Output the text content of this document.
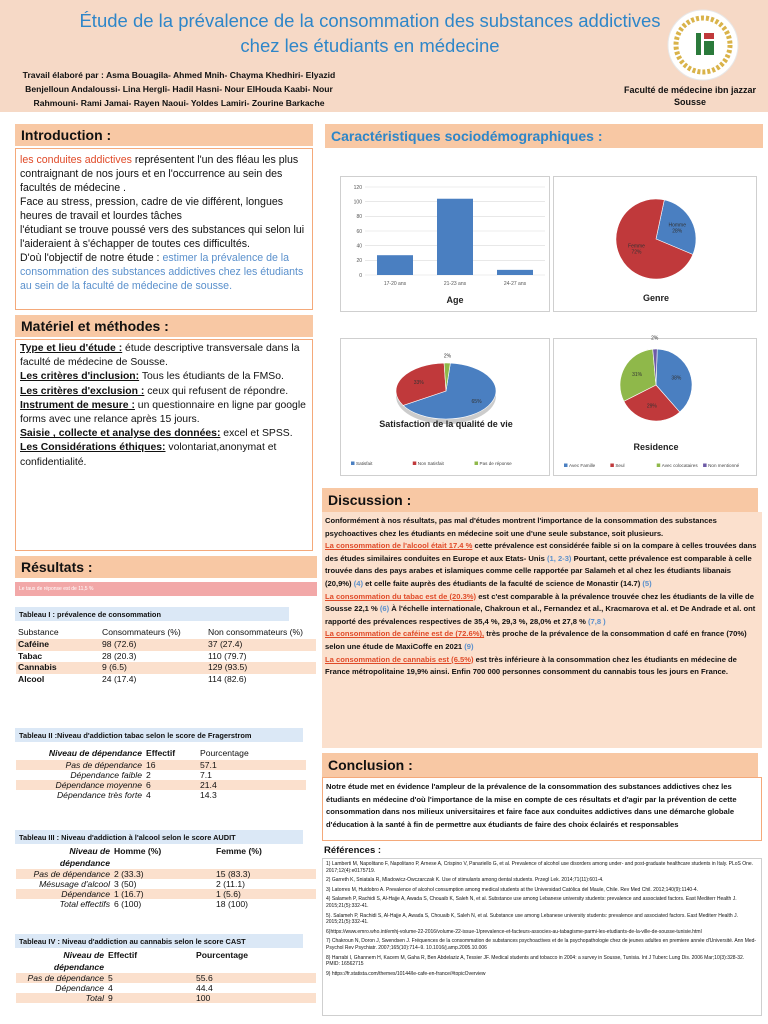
Étude de la prévalence de la consommation des substances addictives chez les étudiants en médecine
Travail élaboré par : Asma Bouagila- Ahmed Mnih- Chayma Khedhiri- Elyazid Benjelloun Andaloussi- Lina Hergli- Hadil Hasni- Nour ElHouda Kaabi- Nour Rahmouni- Rami Jamai- Rayen Naoui- Yoldes Lamiri- Zourine Barkache
Faculté de médecine ibn jazzar Sousse
Introduction :
les conduites addictives représentent l'un des fléau les plus contraignant de nos jours et en l'occurrence au sein des facultés de médecine .
Face au stress, pression, cadre de vie différent, longues heures de travail et lourdes tâches
l'étudiant se trouve poussé vers des substances qui selon lui l'aideraient à s'échapper de toutes ces difficultés.
D'où l'objectif de notre étude : estimer la prévalence de la consommation des substances addictives chez les étudiants au sein de la faculté de médecine de sousse.
Matériel et méthodes :

Type et lieu d'étude : étude descriptive transversale dans la faculté de médecine de Sousse.

Les critères d'inclusion: Tous les étudiants de la FMSo.

Les critères d'exclusion : ceux qui refusent de répondre.

Instrument de mesure : un questionnaire en ligne par google forms avec une relance après 15 jours.

Saisie , collecte et analyse des données: excel et SPSS.

Les Considérations éthiques: volontariat,anonymat et confidentialité.

Résultats :
Le taux de réponse est de 11,5 %
Tableau I : prévalence de consommation
Substance	Consommateurs (%)	Non consommateurs (%)
Caféine	98 (72.6)	37 (27.4)
Tabac	28 (20.3)	110 (79.7)
Cannabis	9 (6.5)	129 (93.5)
Alcool	24 (17.4)	114 (82.6)
Tableau II :Niveau d'addiction tabac selon le score de Fragerstrom
Niveau de dépendance	Effectif	Pourcentage
Pas de dépendance	16	57.1
Dépendance faible	2	7.1
Dépendance moyenne	6	21.4
Dépendance très forte	4	14.3
Tableau III : Niveau d'addiction à l'alcool selon le score AUDIT
Niveau de dépendance	Homme (%)	Femme (%)
Pas de dépendance	2 (33.3)	15 (83.3)
Mésusage d'alcool	3 (50)	2 (11.1)
Dépendance	1 (16.7)	1 (5.6)
Total effectifs	6 (100)	18 (100)
Tableau IV : Niveau d'addiction au cannabis selon le score CAST
Niveau de dépendance	Effectif	Pourcentage
Pas de dépendance	5	55.6
Dépendance	4	44.4
Total	9	100
Caractéristiques sociodémographiques :
0
20
40
60
80
100
120
17-20 ans	21-23 ans	24-27 ans
Age
Homme
28%
Femme
72%
Genre
65%
33%
2%
Satisfaction de la qualité de vie
Satisfait	Non Satisfait	Pas de réponse
38%
29%
31%
2%
Residence
Avec Famille	Seul	Avec colocataires Non mentionné
Discussion :
Conformément à nos résultats, pas mal d'études montrent l'importance de la consommation des substances psychoactives chez les étudiants en médecine soit une d'une seule substance, soit plusieurs.
La consommation de l'alcool était 17.4 % cette prévalence est considérée faible si on la compare à celles trouvées dans des études similaires conduites en Europe et aux Etats- Unis (1, 2-3) Pourtant, cette prévalence est comparable à celle trouvée dans des pays arabes et islamiques comme celle rapportée par Salameh et al chez les étudiants libanais (20,9%) (4) et celle faite auprès des étudiants de la faculté de science de Monastir (14.7) (5)
La consommation du tabac est de (20.3%) est c'est comparable à la prévalence trouvée chez les étudiants de la ville de Sousse 22,1 % (6) À l'échelle internationale, Chakroun et al., Fernandez et al., Kracmarova et al. et De Andrade et al. ont rapporté des prévalences respectives de 35,4 %, 29,3 %, 28,0% et 27,8 % (7,8 )
La consommation de caféine est de (72.6%), très proche de la prévalence de la consommation d café en france (70%) selon une étude de MaxiCoffe en 2021 (9)
La consommation de cannabis est (6.5%) est très inférieure à la consommation chez les étudiants en médecine de France métropolitaine 19,9% ainsi. Enfin 700 000 personnes consomment du cannabis tous les jours en France.
Conclusion :
Notre étude met en évidence l'ampleur de la prévalence de la consommation des substances addictives chez les étudiants en médecine d'où l'importance de la mise en compte de ces résultats et d'agir par la prévention de cette consommation dans nos milieux universitaires et faire face aux conduites addictives dans une démarche globale d'éducation à la santé à fin de permettre aux étudiants de faire des choix éclairés et responsables
Références :

1) Lamberti M, Napolitano F, Napolitano P, Arnese A, Crispino V, Panariello G, et al. Prevalence of alcohol use disorders among under- and post-graduate healthcare students in Italy. PLoS One. 2017;12(4):e0175719.

2) Garreth K, Sniatala R, Mladowicz-Owczarczak K. Use of stimulants among dental students. Przegl Lek. 2014;71(11):601-4.

3) Latorres M, Huidobro A. Prevalence of alcohol consumption among medical students at the Universidad Católica del Maule, Chile. Rev Med Chil. 2012;140(9):1140-4.

4) Salameh P, Rachidi S, Al-Hajje A, Awada S, Chouaib K, Saleh N, et al. Substance use among Lebanese university students: prevalence and associated factors. East Mediterr Health J. 2015;21(5):332-41.

5). Salameh P, Rachidi S, Al-Hajje A, Awada S, Chouaib K, Saleh N, et al. Substance use among Lebanese university students: prevalence and associated factors. East Mediterr Health J. 2015;21(5):332-41.

6)https://www.emro.who.int/emhj-volume-22-2016/volume-22-issue-1/prevalence-et-facteurs-associes-au-tabagisme-parmi-les-etudiants-de-la-ville-de-sousse-tunisie.html

7) Chakroun N, Doron J, Swendsen J. Fréquences de la consommation de substances psychoactives et de la psychopathologie chez de jeunes adultes en premiere année d'Université. Ann Med-Psychol Rev Psychiatr. 2007;165(10):714–9. 10.1016/j.amp.2005.10.006

8) Harrabi I, Ghannem H, Kacem M, Gaha R, Ben Abdelaziz A, Tessier JF. Medical students and tobacco in 2004: a survey in Sousse, Tunisia. Int J Tuberc Lung Dis. 2006 Mar;10(3):328-32. PMID: 16562715

9) https://fr.statista.com/themes/10144/le-cafe-en-france/#topicOverview
